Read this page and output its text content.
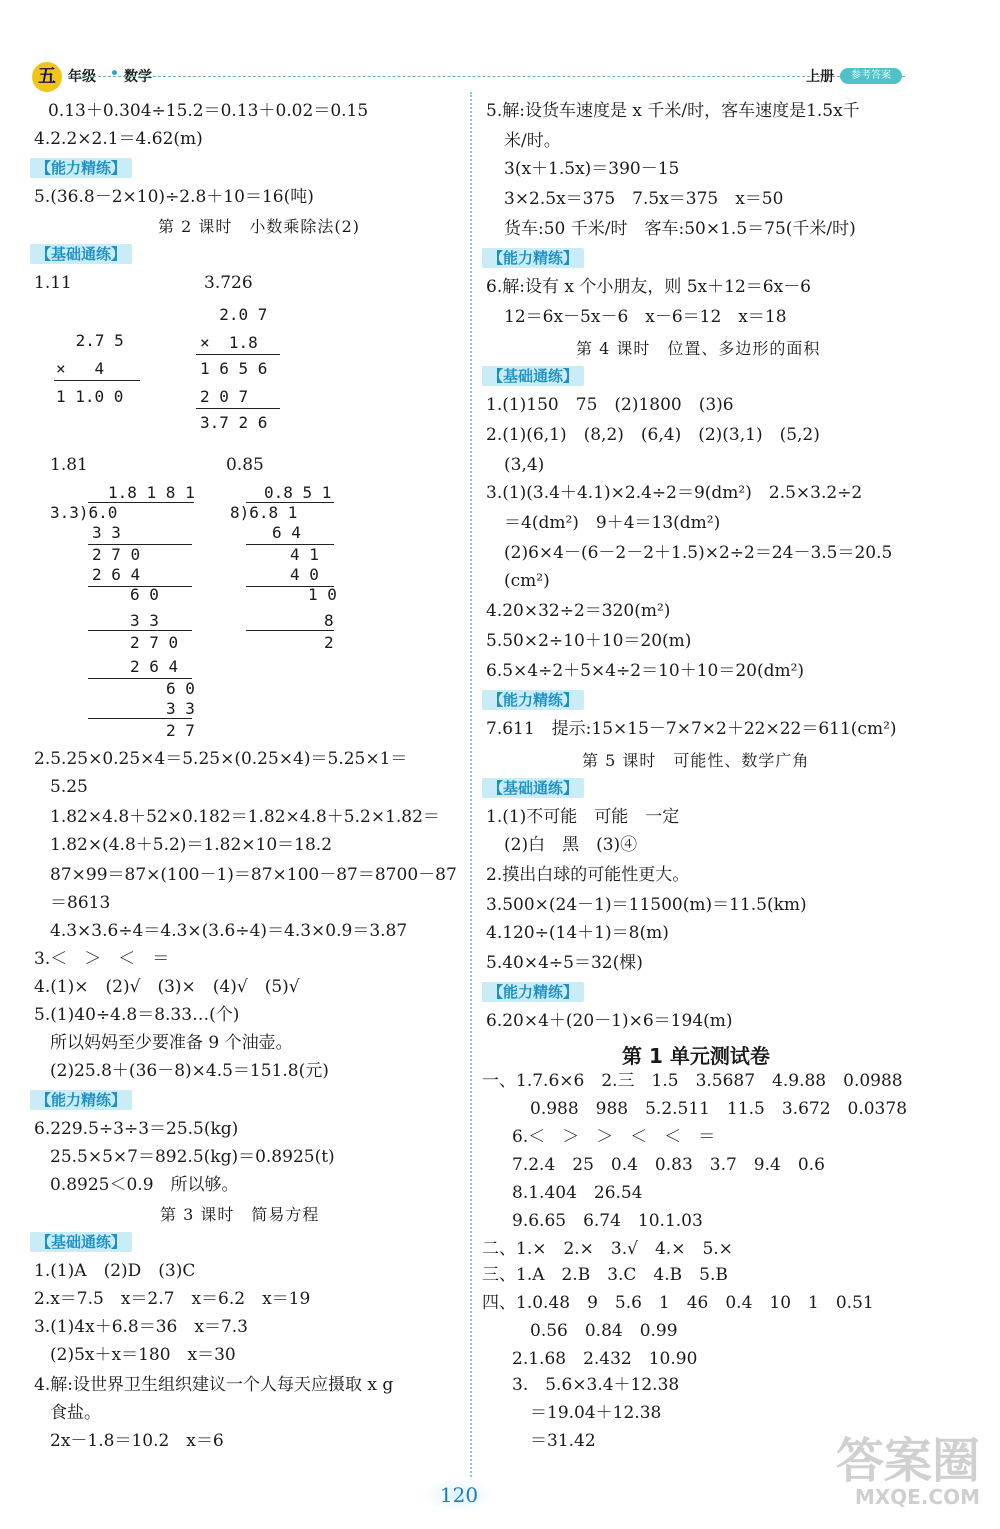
五 年级 • 数学	上册	参考答案
0.13＋0.304÷15.2＝0.13＋0.02＝0.15
4.2.2×2.1＝4.62(m)
【能力精练】
5.(36.8－2×10)÷2.8＋10＝16(吨)
第 2 课时　小数乘除法(2)
【基础通练】
1.11	3.726
2.7 5
×   4
1 1.0 0
2.0 7
×  1.8
1 6 5 6
2 0 7
3.7 2 6
1.81	0.85
1.8 1 8 1
3.3)6.0
3 3
2 7 0
2 6 4
6 0
3 3
2 7 0
2 6 4
6 0
3 3
2 7
0.8 5 1
8)6.8 1
6 4
4 1
4 0
1 0
8
2
2.5.25×0.25×4＝5.25×(0.25×4)＝5.25×1＝
5.25
1.82×4.8＋52×0.182＝1.82×4.8＋5.2×1.82＝
1.82×(4.8＋5.2)＝1.82×10＝18.2
87×99＝87×(100－1)＝87×100－87＝8700－87
＝8613
4.3×3.6÷4＝4.3×(3.6÷4)＝4.3×0.9＝3.87
3.＜　＞　＜　＝
4.(1)×　(2)√　(3)×　(4)√　(5)√
5.(1)40÷4.8＝8.33…(个)
所以妈妈至少要准备 9 个油壶。
(2)25.8＋(36－8)×4.5＝151.8(元)
【能力精练】
6.229.5÷3÷3＝25.5(kg)
25.5×5×7＝892.5(kg)＝0.8925(t)
0.8925＜0.9　所以够。
第 3 课时　简易方程
【基础通练】
1.(1)A　(2)D　(3)C
2.x＝7.5　x＝2.7　x＝6.2　x＝19
3.(1)4x＋6.8＝36　x＝7.3
(2)5x＋x＝180　x＝30
4.解:设世界卫生组织建议一个人每天应摄取 x g
食盐。
2x－1.8＝10.2　x＝6
5.解:设货车速度是 x 千米/时，客车速度是1.5x千
米/时。
3(x＋1.5x)＝390－15
3×2.5x＝375　7.5x＝375　x＝50
货车:50 千米/时　客车:50×1.5＝75(千米/时)
【能力精练】
6.解:设有 x 个小朋友，则 5x＋12＝6x－6
12＝6x－5x－6　x－6＝12　x＝18
第 4 课时　位置、多边形的面积
【基础通练】
1.(1)150　75　(2)1800　(3)6
2.(1)(6,1)　(8,2)　(6,4)　(2)(3,1)　(5,2)
(3,4)
3.(1)(3.4＋4.1)×2.4÷2＝9(dm²)　2.5×3.2÷2
＝4(dm²)　9＋4＝13(dm²)
(2)6×4－(6－2－2＋1.5)×2÷2＝24－3.5＝20.5
(cm²)
4.20×32÷2＝320(m²)
5.50×2÷10＋10＝20(m)
6.5×4÷2＋5×4÷2＝10＋10＝20(dm²)
【能力精练】
7.611　提示:15×15－7×7×2＋22×22＝611(cm²)
第 5 课时　可能性、数学广角
【基础通练】
1.(1)不可能　可能　一定
(2)白　黑　(3)④
2.摸出白球的可能性更大。
3.500×(24－1)＝11500(m)＝11.5(km)
4.120÷(14＋1)＝8(m)
5.40×4÷5＝32(棵)
【能力精练】
6.20×4＋(20－1)×6＝194(m)
第 1 单元测试卷
一、1.7.6×6　2.三　1.5　3.5687　4.9.88　0.0988
0.988　988　5.2.511　11.5　3.672　0.0378
6.＜　＞　＞　＜　＜　＝
7.2.4　25　0.4　0.83　3.7　9.4　0.6
8.1.404　26.54
9.6.65　6.74　10.1.03
二、1.×　2.×　3.√　4.×　5.×
三、1.A　2.B　3.C　4.B　5.B
四、1.0.48　9　5.6　1　46　0.4　10　1　0.51
0.56　0.84　0.99
2.1.68　2.432　10.90
3.　5.6×3.4＋12.38
＝19.04＋12.38
＝31.42
120
答案圈
MXQE.COM
